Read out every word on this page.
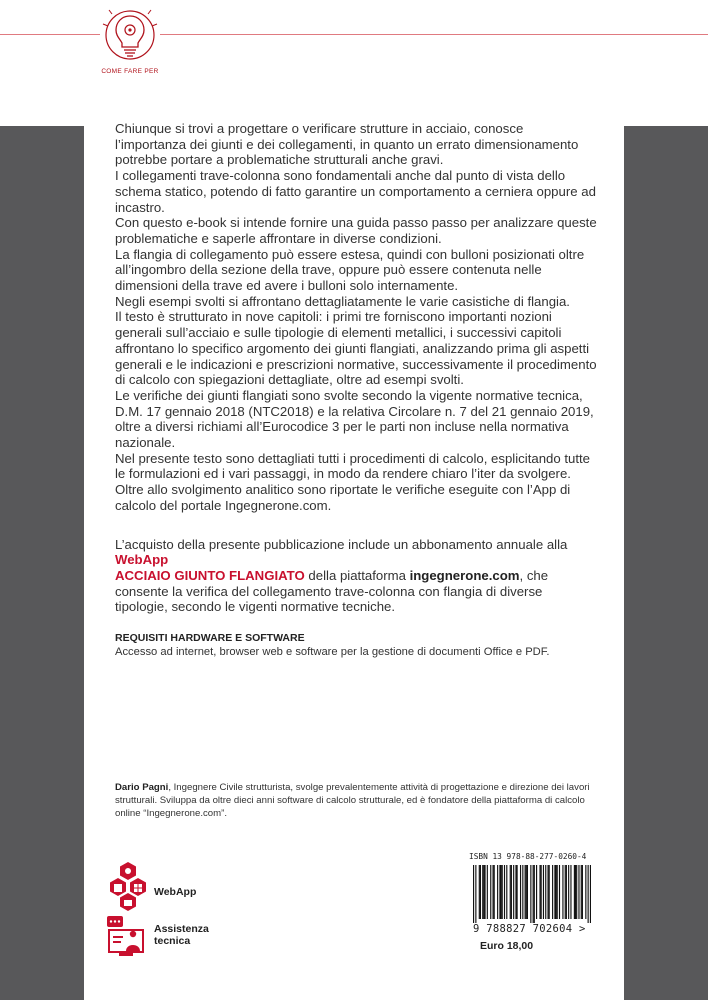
COME FARE PER

Chiunque si trovi a progettare o verificare strutture in acciaio, conosce l’importanza dei giunti e dei collegamenti, in quanto un errato dimensionamento potrebbe portare a problematiche strutturali anche gravi.

I collegamenti trave-colonna sono fondamentali anche dal punto di vista dello schema statico, potendo di fatto garantire un comportamento a cerniera oppure ad incastro.

Con questo e-book si intende fornire una guida passo passo per analizzare queste problematiche e saperle affrontare in diverse condizioni.

La flangia di collegamento può essere estesa, quindi con bulloni posizionati oltre all’ingombro della sezione della trave, oppure può essere contenuta nelle dimensioni della trave ed avere i bulloni solo internamente.

Negli esempi svolti si affrontano dettagliatamente le varie casistiche di flangia.

Il testo è strutturato in nove capitoli: i primi tre forniscono importanti nozioni generali sull’acciaio e sulle tipologie di elementi metallici, i successivi capitoli affrontano lo specifico argomento dei giunti flangiati, analizzando prima gli aspetti generali e le indicazioni e prescrizioni normative, successivamente il procedimento di calcolo con spiegazioni dettagliate, oltre ad esempi svolti.

Le verifiche dei giunti flangiati sono svolte secondo la vigente normative tecnica, D.M. 17 gennaio 2018 (NTC2018) e la relativa Circolare n. 7 del 21 gennaio 2019, oltre a diversi richiami all’Eurocodice 3 per le parti non incluse nella normativa nazionale.

Nel presente testo sono dettagliati tutti i procedimenti di calcolo, esplicitando tutte le formulazioni ed i vari passaggi, in modo da rendere chiaro l’iter da svolgere.

Oltre allo svolgimento analitico sono riportate le verifiche eseguite con l’App di calcolo del portale Ingegnerone.com.

L’acquisto della presente pubblicazione include un abbonamento annuale alla WebApp
ACCIAIO GIUNTO FLANGIATO della piattaforma ingegnerone.com, che consente la verifica del collegamento trave-colonna con flangia di diverse tipologie, secondo le vigenti normative tecniche.
REQUISITI HARDWARE E SOFTWARE
Accesso ad internet, browser web e software per la gestione di documenti Office e PDF.
Dario Pagni, Ingegnere Civile strutturista, svolge prevalentemente attività di progettazione e direzione dei lavori strutturali. Sviluppa da oltre dieci anni software di calcolo strutturale, ed è fondatore della piattaforma di calcolo online “Ingegnerone.com”.
WebApp
Assistenza
tecnica
ISBN 13 978-88-277-0260-4
9 788827 702604 >
Euro 18,00
